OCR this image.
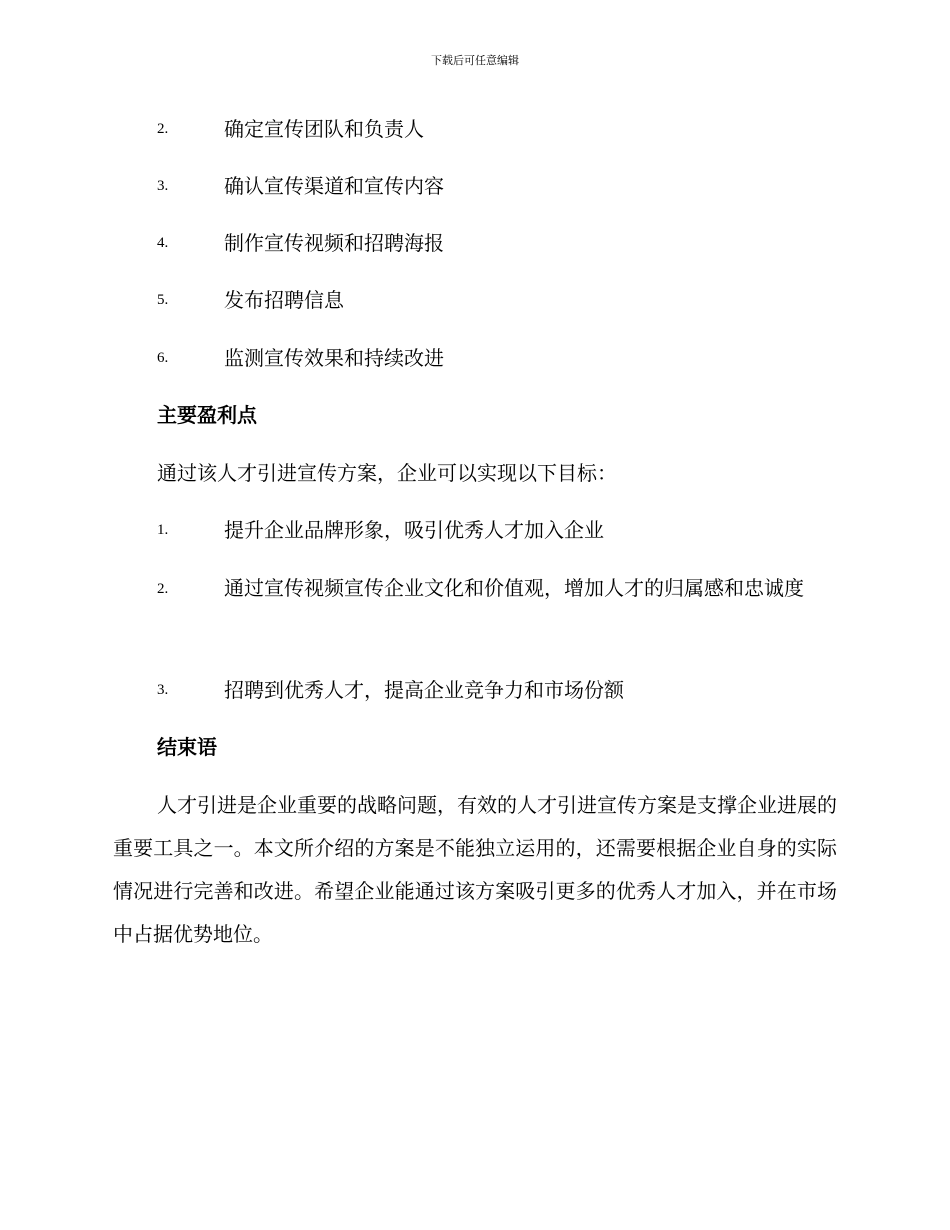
下载后可任意编辑
2.	确定宣传团队和负责人
3.	确认宣传渠道和宣传内容
4.	制作宣传视频和招聘海报
5.	发布招聘信息
6.	监测宣传效果和持续改进
主要盈利点
通过该人才引进宣传方案，企业可以实现以下目标：
1.	提升企业品牌形象，吸引优秀人才加入企业
2.	通过宣传视频宣传企业文化和价值观，增加人才的归属感和忠诚度
3.	招聘到优秀人才，提高企业竞争力和市场份额
结束语
人才引进是企业重要的战略问题，有效的人才引进宣传方案是支撑企业进展的重要工具之一。本文所介绍的方案是不能独立运用的，还需要根据企业自身的实际情况进行完善和改进。希望企业能通过该方案吸引更多的优秀人才加入，并在市场中占据优势地位。
